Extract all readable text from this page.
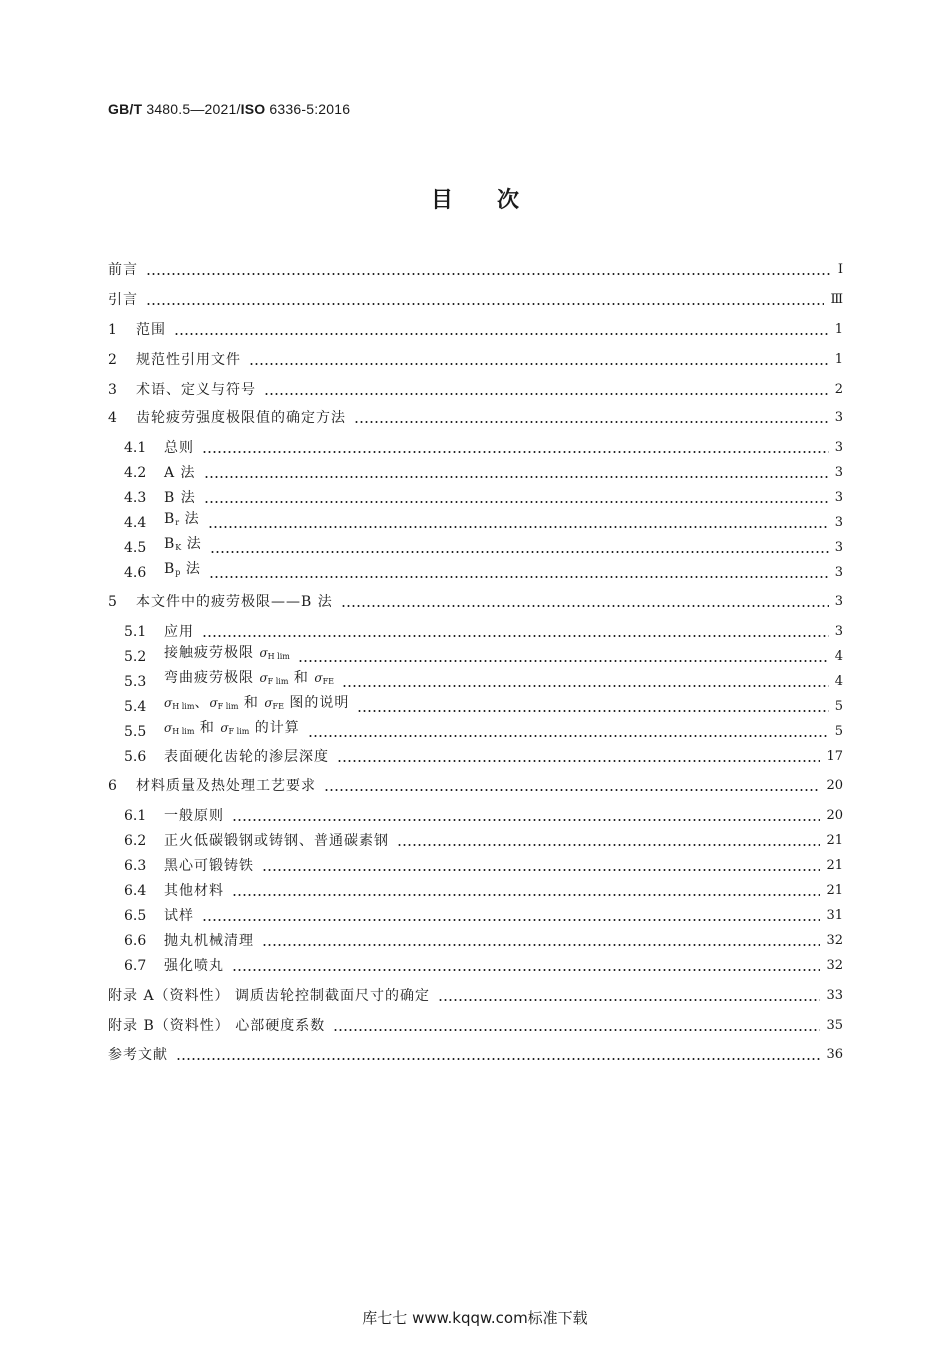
GB/T 3480.5—2021/ISO 6336-5:2016
目次
前言	Ⅰ
引言	Ⅲ
1	范围	1
2	规范性引用文件	1
3	术语、定义与符号	2
4	齿轮疲劳强度极限值的确定方法	3
4.1	总则	3
4.2	A 法	3
4.3	B 法	3
4.4	$B_r$ 法	3
4.5	$B_K$ 法	3
4.6	$B_p$ 法	3
5	本文件中的疲劳极限——B 法	3
5.1	应用	3
5.2	接触疲劳极限 $\sigma_{H lim}$	4
5.3	弯曲疲劳极限 $\sigma_{F lim}$ 和 $\sigma_{FE}$	4
5.4	$\sigma_{H lim}$、$\sigma_{F lim}$ 和 $\sigma_{FE}$ 图的说明	5
5.5	$\sigma_{H lim}$ 和 $\sigma_{F lim}$ 的计算	5
5.6	表面硬化齿轮的渗层深度	17
6	材料质量及热处理工艺要求	20
6.1	一般原则	20
6.2	正火低碳锻钢或铸钢、普通碳素钢	21
6.3	黑心可锻铸铁	21
6.4	其他材料	21
6.5	试样	31
6.6	抛丸机械清理	32
6.7	强化喷丸	32
附录 A（资料性） 调质齿轮控制截面尺寸的确定	33
附录 B（资料性） 心部硬度系数	35
参考文献	36
库七七 www.kqqw.com标准下载
